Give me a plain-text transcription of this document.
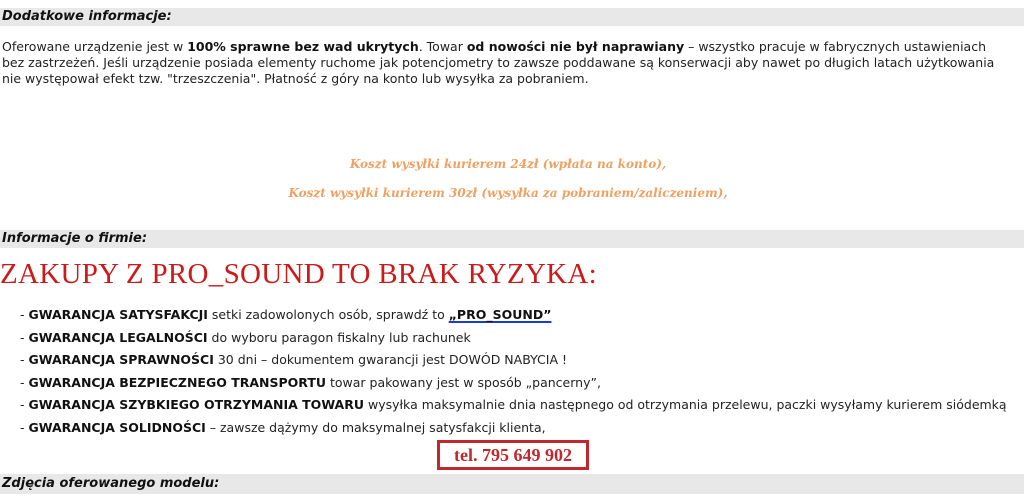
Dodatkowe informacje:
Oferowane urządzenie jest w 100% sprawne bez wad ukrytych. Towar od nowości nie był naprawiany – wszystko pracuje w fabrycznych ustawieniach bez zastrzeżeń. Jeśli urządzenie posiada elementy ruchome jak potencjometry to zawsze poddawane są konserwacji aby nawet po długich latach użytkowania nie występował efekt tzw. "trzeszczenia". Płatność z góry na konto lub wysyłka za pobraniem.
Koszt wysyłki kurierem 24zł (wpłata na konto),
Koszt wysyłki kurierem 30zł (wysyłka za pobraniem/zaliczeniem),
Informacje o firmie:
ZAKUPY Z PRO_SOUND TO BRAK RYZYKA:
- GWARANCJA SATYSFAKCJI setki zadowolonych osób, sprawdź to „PRO_SOUND”
- GWARANCJA LEGALNOŚCI do wyboru paragon fiskalny lub rachunek
- GWARANCJA SPRAWNOŚCI 30 dni – dokumentem gwarancji jest DOWÓD NABYCIA !
- GWARANCJA BEZPIECZNEGO TRANSPORTU towar pakowany jest w sposób „pancerny”,
- GWARANCJA SZYBKIEGO OTRZYMANIA TOWARU wysyłka maksymalnie dnia następnego od otrzymania przelewu, paczki wysyłamy kurierem siódemką
- GWARANCJA SOLIDNOŚCI – zawsze dążymy do maksymalnej satysfakcji klienta,
tel. 795 649 902
Zdjęcia oferowanego modelu:
